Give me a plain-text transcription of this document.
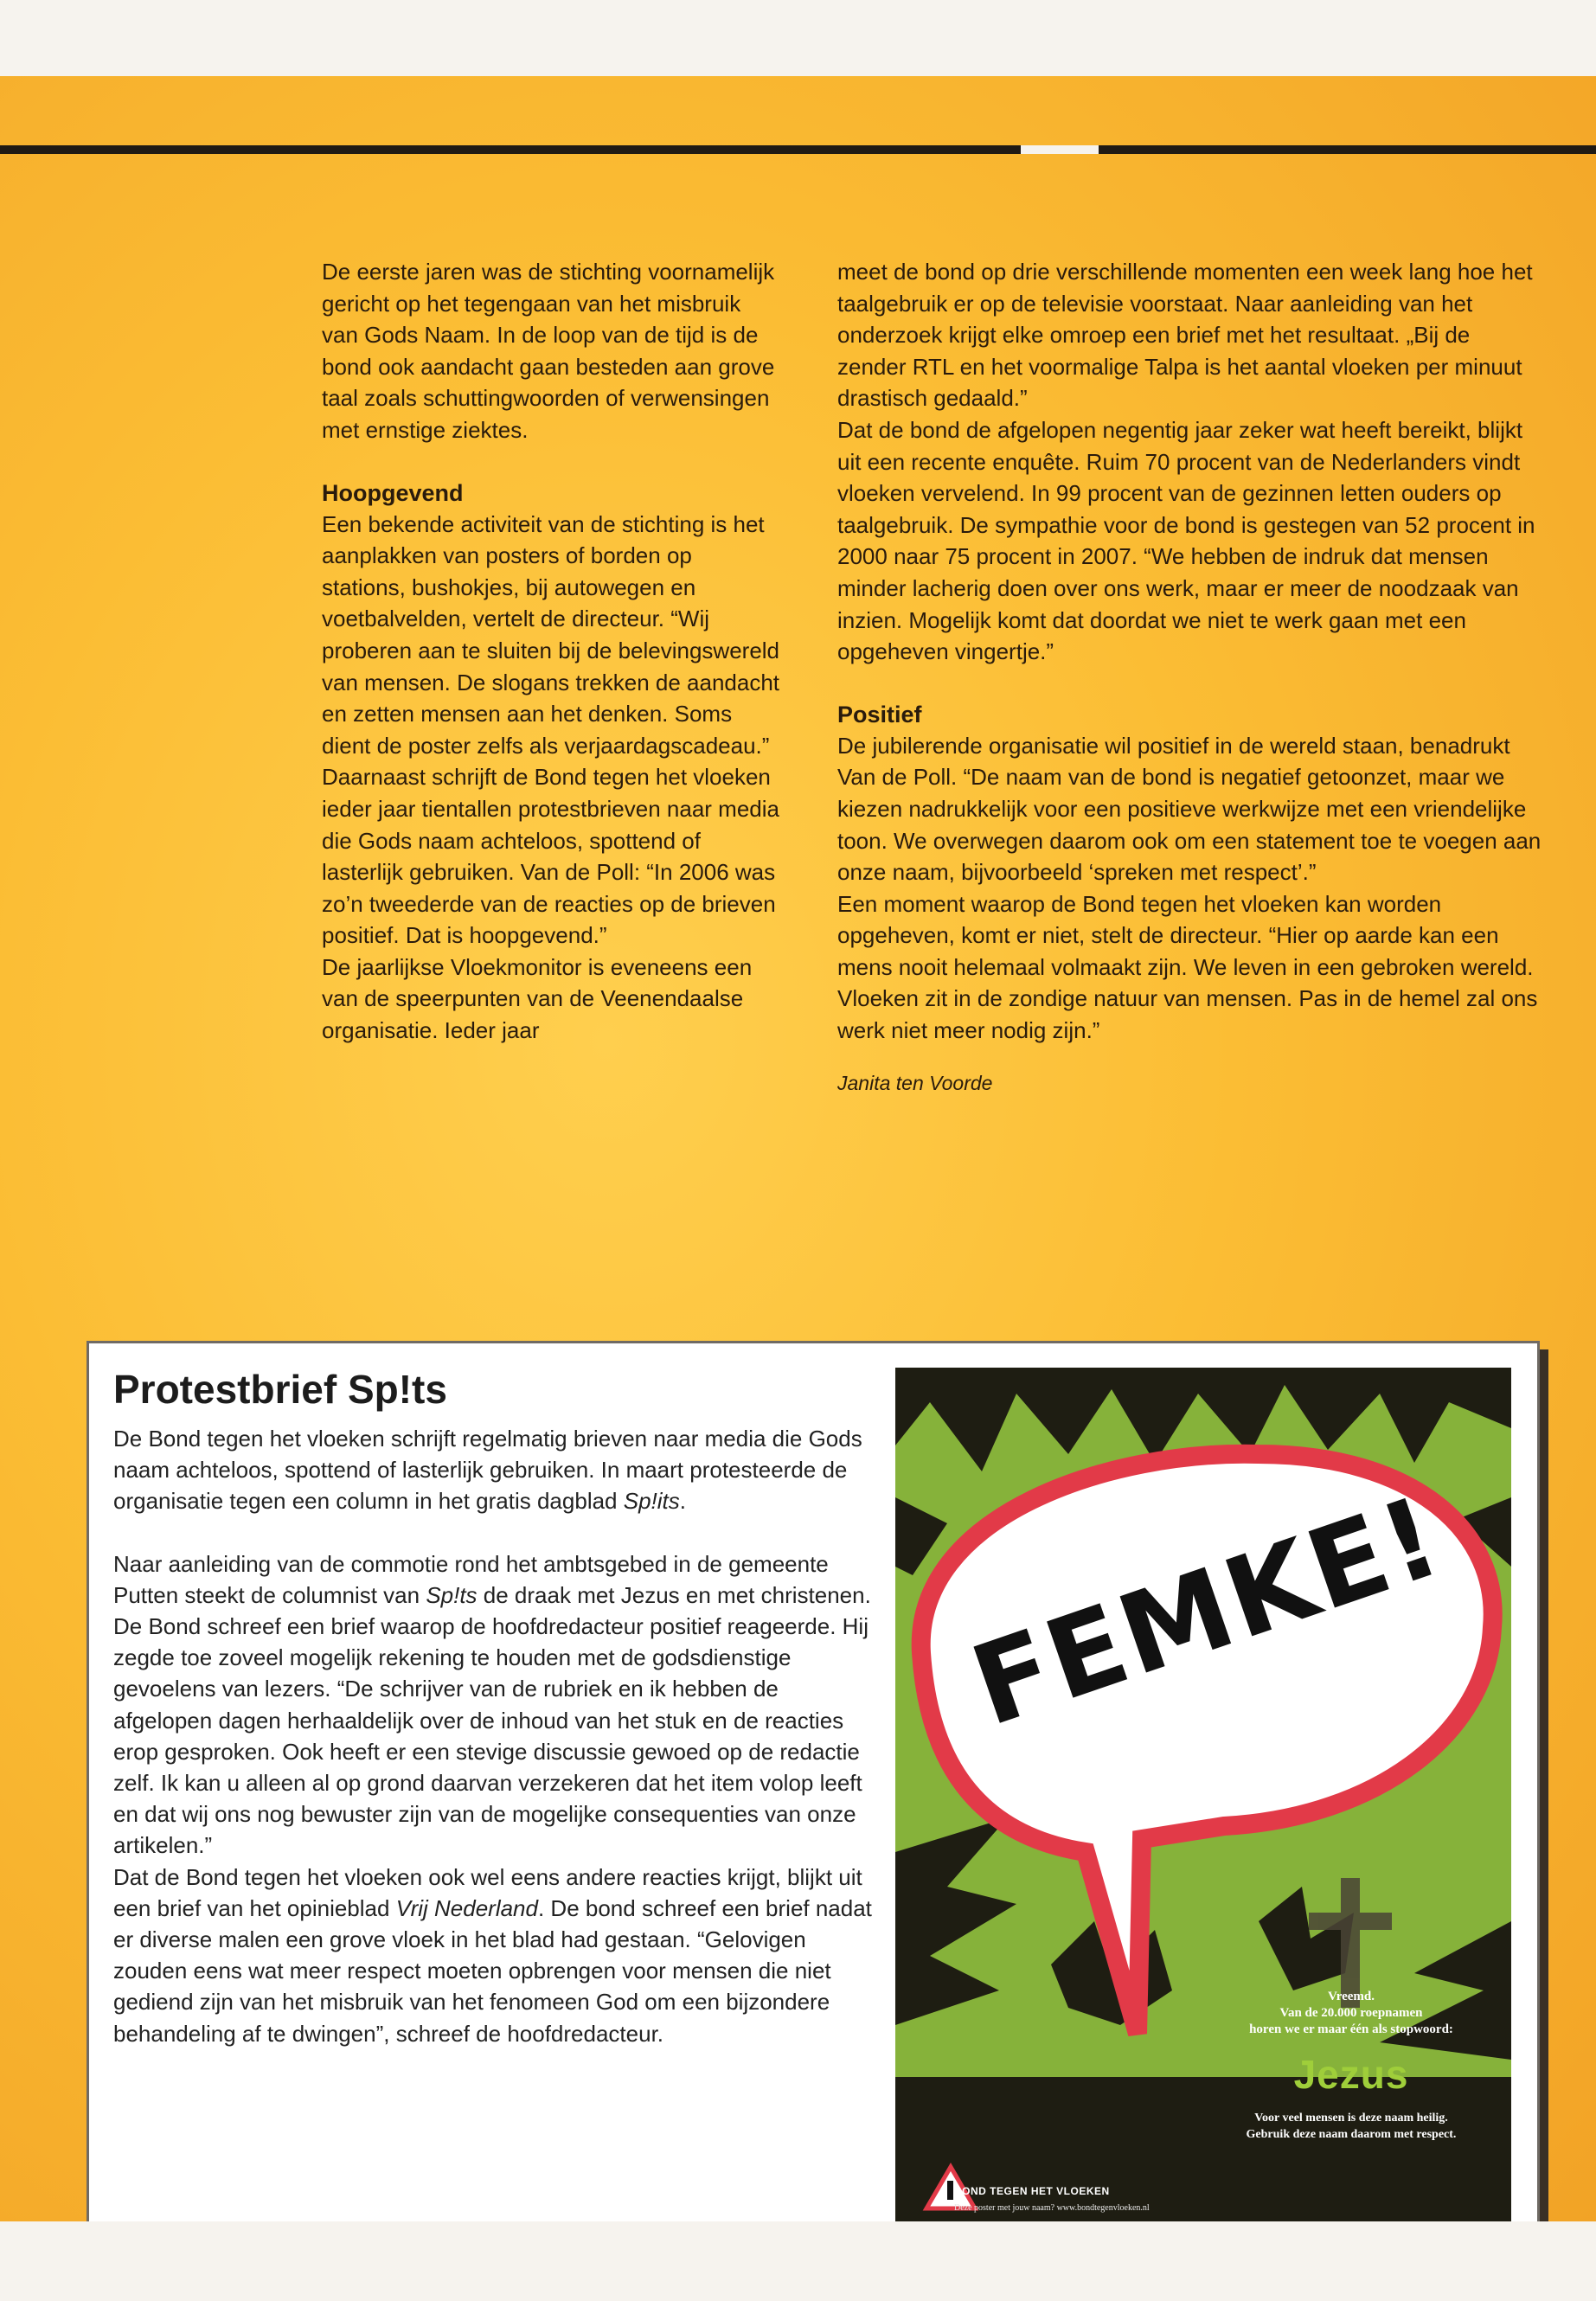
De eerste jaren was de stichting voornamelijk gericht op het tegengaan van het misbruik van Gods Naam. In de loop van de tijd is de bond ook aandacht gaan besteden aan grove taal zoals schuttingwoorden of verwensingen met ernstige ziektes.

Hoopgevend

Een bekende activiteit van de stichting is het aanplakken van posters of borden op stations, bushokjes, bij autowegen en voetbalvelden, vertelt de directeur. “Wij proberen aan te sluiten bij de belevingswereld van mensen. De slogans trekken de aandacht en zetten mensen aan het denken. Soms dient de poster zelfs als verjaardagscadeau.”

Daarnaast schrijft de Bond tegen het vloeken ieder jaar tientallen protestbrieven naar media die Gods naam achteloos, spottend of lasterlijk gebruiken. Van de Poll: “In 2006 was zo’n tweederde van de reacties op de brieven positief. Dat is hoopgevend.”

De jaarlijkse Vloekmonitor is eveneens een van de speerpunten van de Veenendaalse organisatie. Ieder jaar

meet de bond op drie verschillende momenten een week lang hoe het taalgebruik er op de televisie voorstaat. Naar aanleiding van het onderzoek krijgt elke omroep een brief met het resultaat. „Bij de zender RTL en het voormalige Talpa is het aantal vloeken per minuut drastisch gedaald.”

Dat de bond de afgelopen negentig jaar zeker wat heeft bereikt, blijkt uit een recente enquête. Ruim 70 procent van de Nederlanders vindt vloeken vervelend. In 99 procent van de gezinnen letten ouders op taalgebruik. De sympathie voor de bond is gestegen van 52 procent in 2000 naar 75 procent in 2007. “We hebben de indruk dat mensen minder lacherig doen over ons werk, maar er meer de noodzaak van inzien. Mogelijk komt dat doordat we niet te werk gaan met een opgeheven vingertje.”

Positief

De jubilerende organisatie wil positief in de wereld staan, benadrukt Van de Poll. “De naam van de bond is negatief getoonzet, maar we kiezen nadrukkelijk voor een positieve werkwijze met een vriendelijke toon. We overwegen daarom ook om een statement toe te voegen aan onze naam, bijvoorbeeld ‘spreken met respect’.”

Een moment waarop de Bond tegen het vloeken kan worden opgeheven, komt er niet, stelt de directeur. “Hier op aarde kan een mens nooit helemaal volmaakt zijn. We leven in een gebroken wereld. Vloeken zit in de zondige natuur van mensen. Pas in de hemel zal ons werk niet meer nodig zijn.”

Janita ten Voorde

Protestbrief Sp!ts

De Bond tegen het vloeken schrijft regelmatig brieven naar media die Gods naam achteloos, spottend of lasterlijk gebruiken. In maart protesteerde de organisatie tegen een column in het gratis dagblad Sp!its.

Naar aanleiding van de commotie rond het ambtsgebed in de gemeente Putten steekt de columnist van Sp!ts de draak met Jezus en met christenen. De Bond schreef een brief waarop de hoofdredacteur positief reageerde. Hij zegde toe zoveel mogelijk rekening te houden met de godsdienstige gevoelens van lezers. “De schrijver van de rubriek en ik hebben de afgelopen dagen herhaaldelijk over de inhoud van het stuk en de reacties erop gesproken. Ook heeft er een stevige discussie gewoed op de redactie zelf. Ik kan u alleen al op grond daarvan verzekeren dat het item volop leeft en dat wij ons nog bewuster zijn van de mogelijke consequenties van onze artikelen.”

Dat de Bond tegen het vloeken ook wel eens andere reacties krijgt, blijkt uit een brief van het opinieblad Vrij Nederland. De bond schreef een brief nadat er diverse malen een grove vloek in het blad had gestaan. “Gelovigen zouden eens wat meer respect moeten opbrengen voor mensen die niet gediend zijn van het misbruik van het fenomeen God om een bijzondere behandeling af te dwingen”, schreef de hoofdredacteur.

FEMKE!
Vreemd.
Van de 20.000 roepnamen
horen we er maar één als stopwoord:
Jezus
Voor veel mensen is deze naam heilig.
Gebruik deze naam daarom met respect.
BOND TEGEN HET VLOEKEN
Deze poster met jouw naam? www.bondtegenvloeken.nl
